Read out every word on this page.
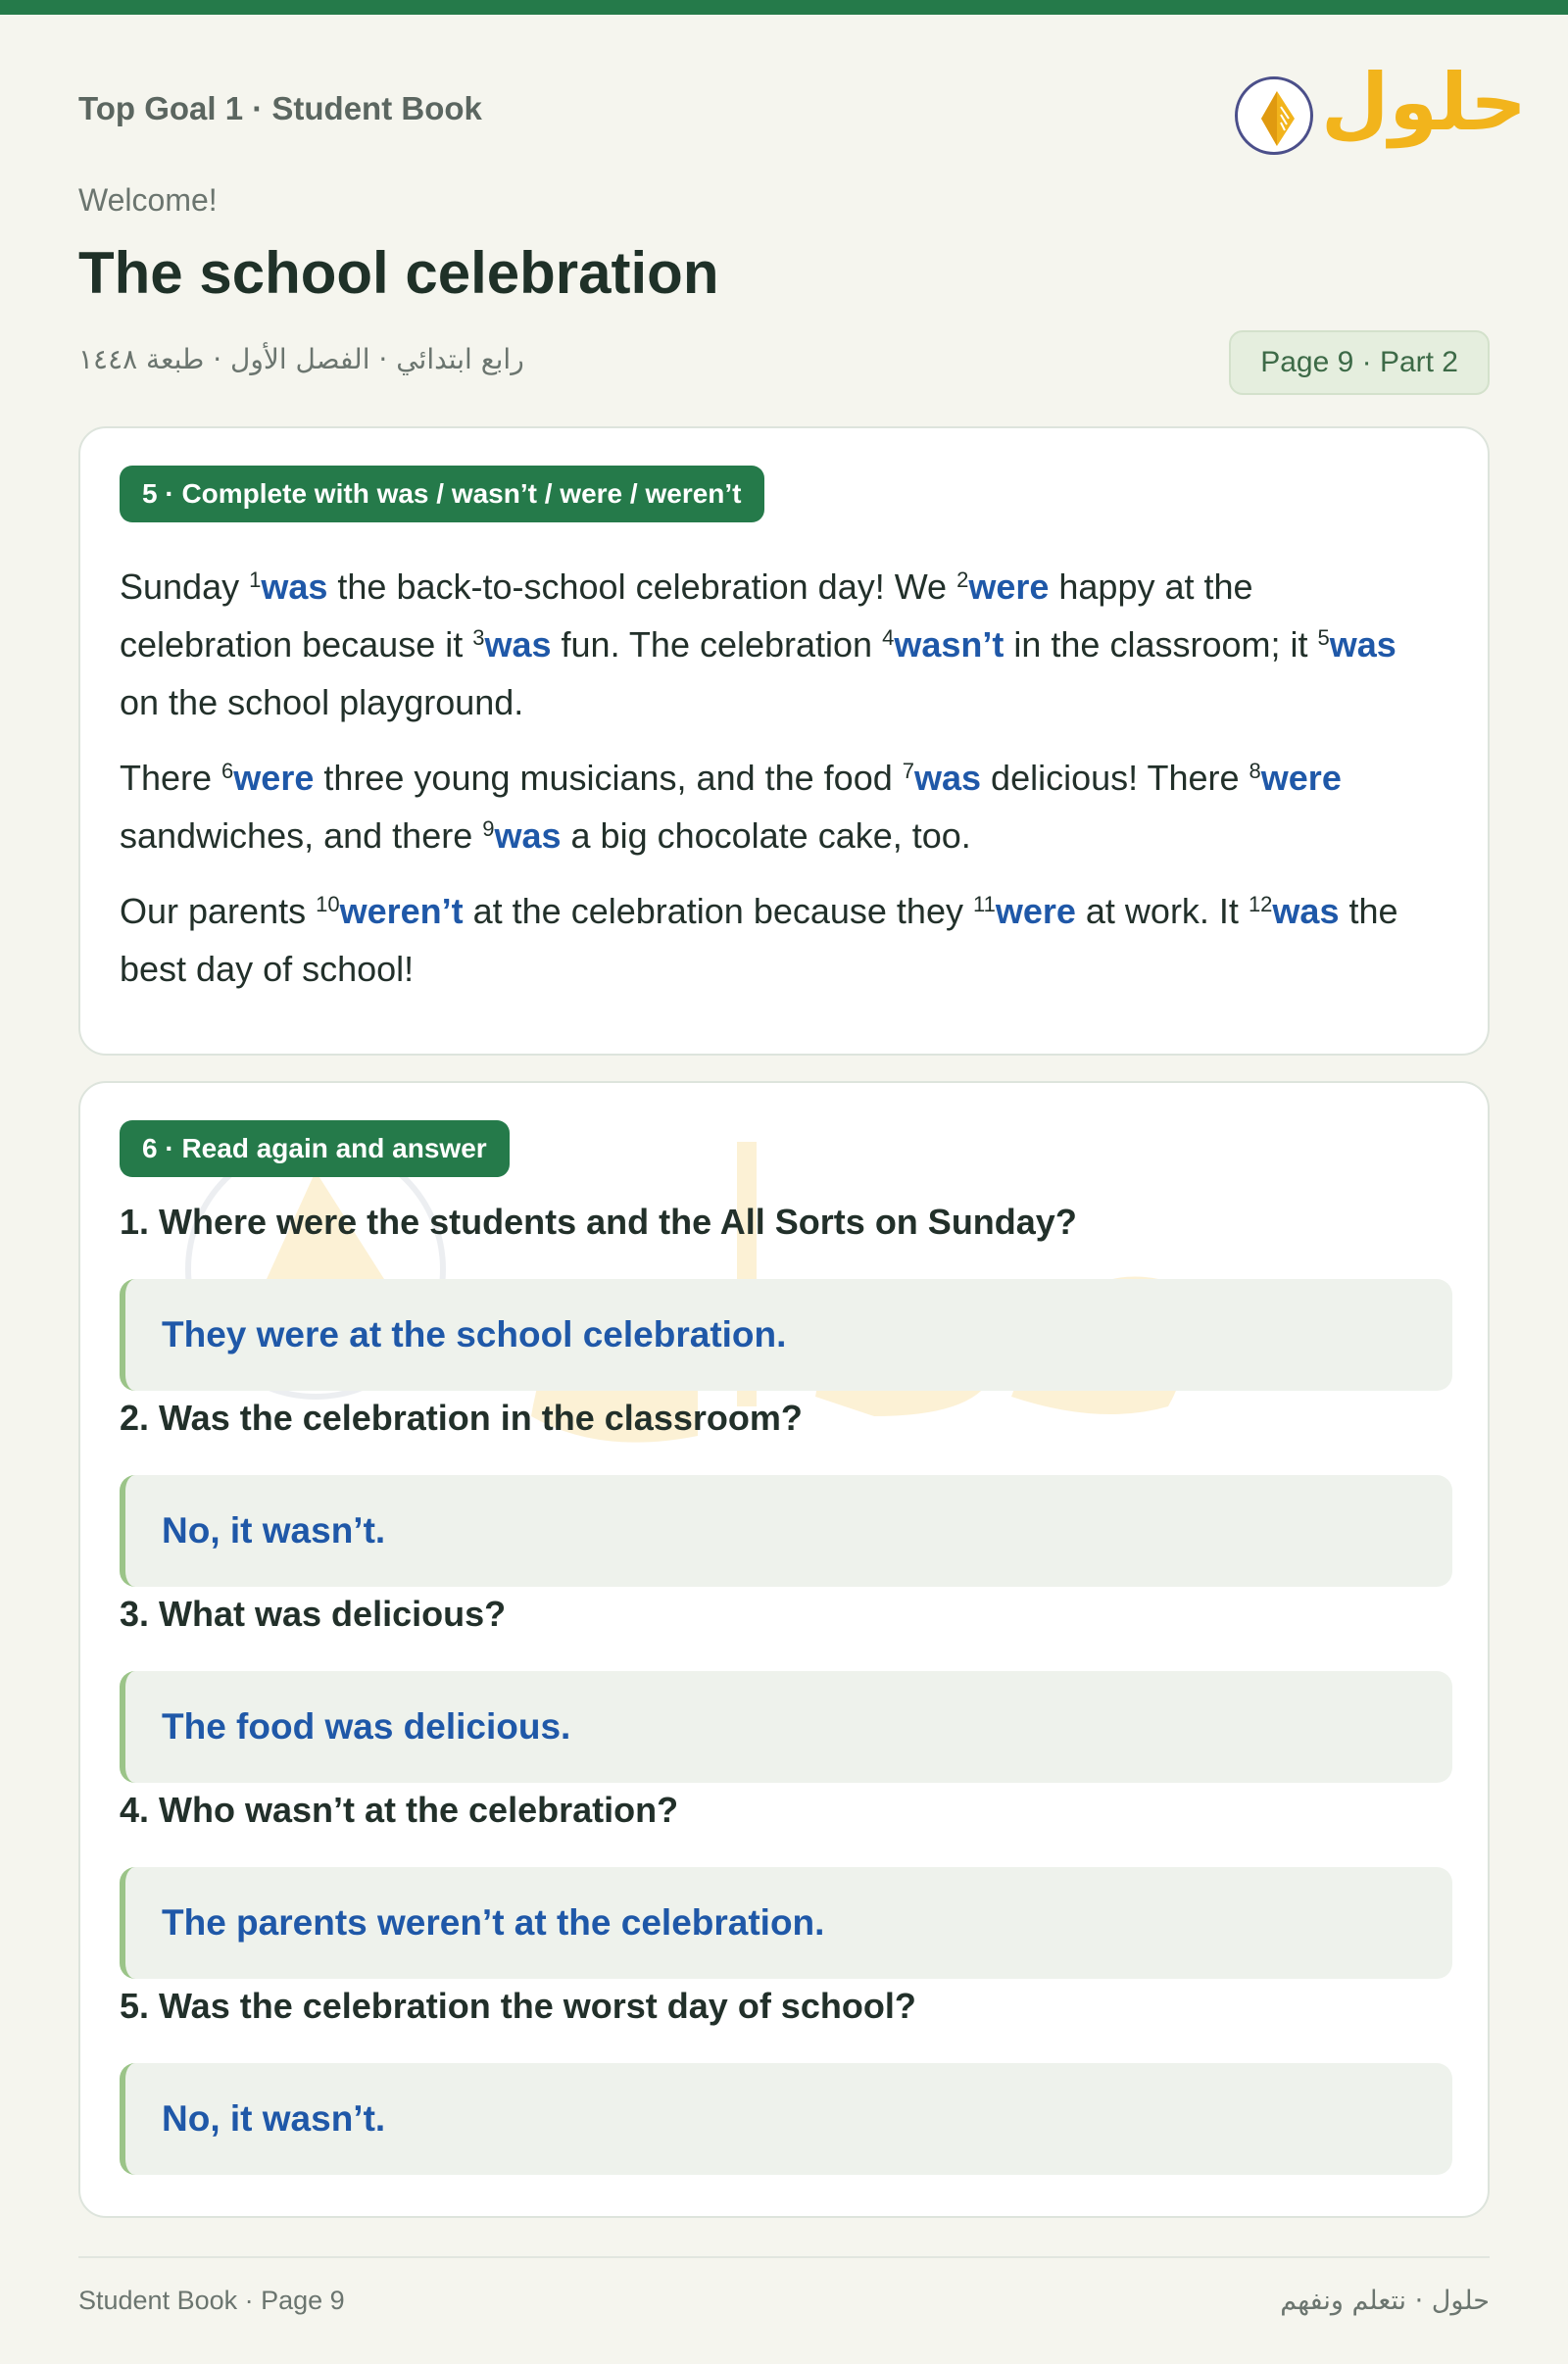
Top Goal 1 · Student Book	حلول
Welcome!
The school celebration
رابع ابتدائي · الفصل الأول · طبعة ١٤٤٨	Page 9 · Part 2
5 · Complete with was / wasn’t / were / weren’t

Sunday $^1$was the back-to-school celebration day! We $^2$were happy at the celebration because it $^3$was fun. The celebration $^4$wasn’t in the classroom; it $^5$was on the school playground.

There $^6$were three young musicians, and the food $^7$was delicious! There $^8$were sandwiches, and there $^9$was a big chocolate cake, too.

Our parents $^{10}$weren’t at the celebration because they $^{11}$were at work. It $^{12}$was the best day of school!

6 · Read again and answer
1. Where were the students and the All Sorts on Sunday?
They were at the school celebration.
2. Was the celebration in the classroom?
No, it wasn’t.
3. What was delicious?
The food was delicious.
4. Who wasn’t at the celebration?
The parents weren’t at the celebration.
5. Was the celebration the worst day of school?
No, it wasn’t.
Student Book · Page 9	حلول · نتعلم ونفهم
